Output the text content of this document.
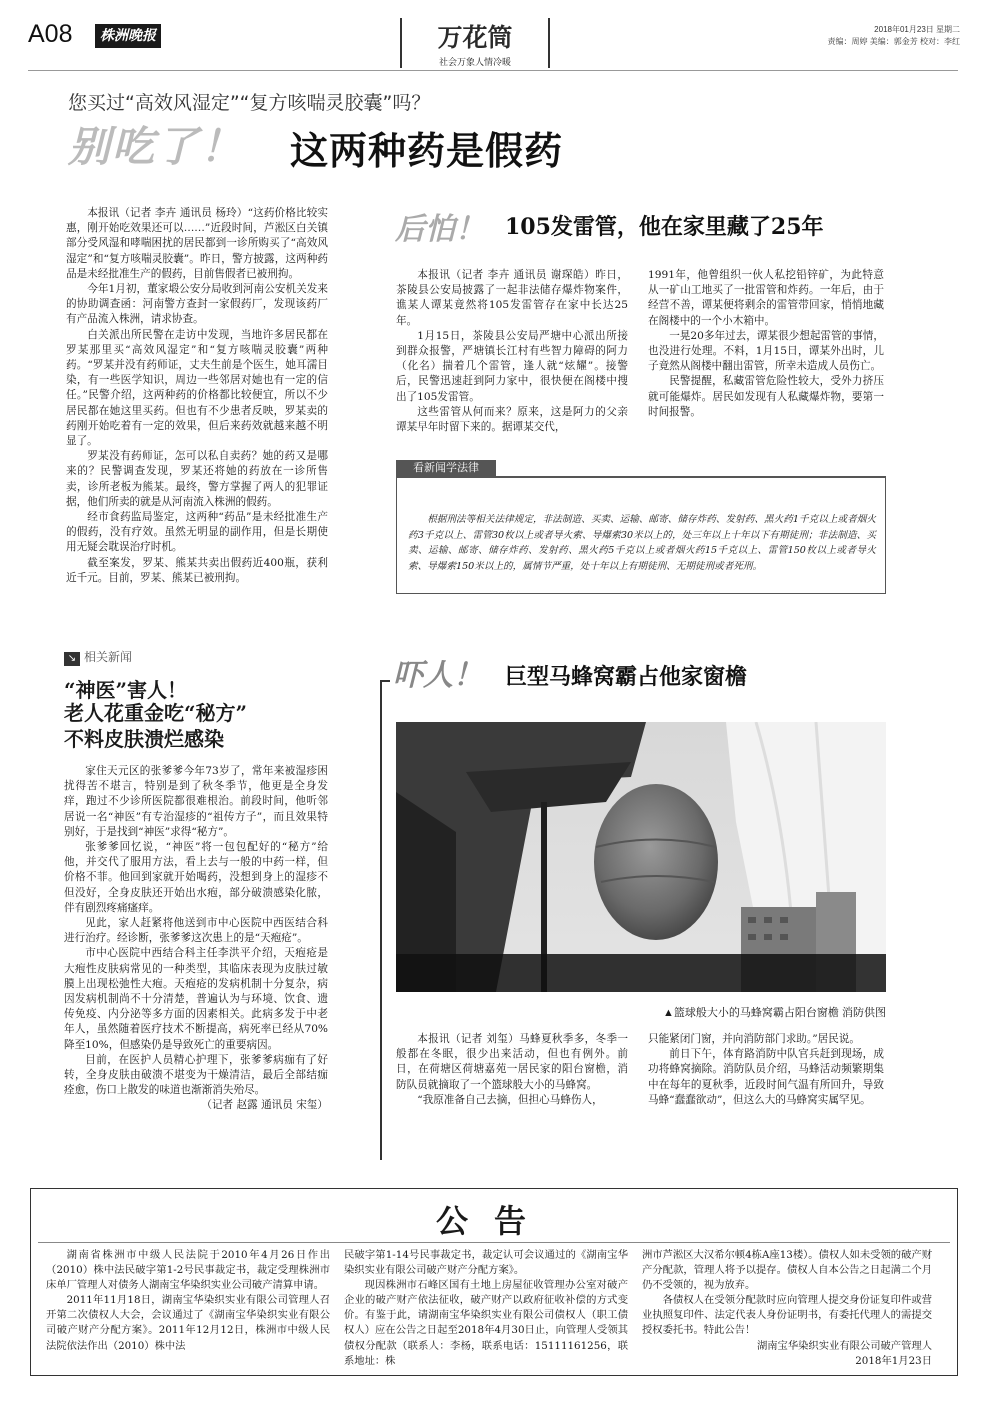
A08	株洲晚报	万花筒
社会万象人情冷暖
2018年01月23日 星期二
责编：周婷 美编：郭金芳 校对：李红
您买过“高效风湿定”“复方咳喘灵胶囊”吗？
别吃了！ 这两种药是假药

本报讯（记者 李卉 通讯员 杨玲）“这药价格比较实惠，刚开始吃效果还可以……”近段时间，芦淞区白关镇部分受风湿和哮喘困扰的居民都到一诊所购买了“高效风湿定”和“复方咳喘灵胶囊”。昨日，警方披露，这两种药品是未经批准生产的假药，目前售假者已被刑拘。

今年1月初，董家塅公安分局收到河南公安机关发来的协助调查函：河南警方查封一家假药厂，发现该药厂有产品流入株洲，请求协查。

白关派出所民警在走访中发现，当地许多居民都在罗某那里买“高效风湿定”和“复方咳喘灵胶囊”两种药。“罗某并没有药师证，丈夫生前是个医生，她耳濡目染，有一些医学知识，周边一些邻居对她也有一定的信任。”民警介绍，这两种药的价格都比较便宜，所以不少居民都在她这里买药。但也有不少患者反映，罗某卖的药刚开始吃着有一定的效果，但后来药效就越来越不明显了。

罗某没有药师证，怎可以私自卖药？她的药又是哪来的？民警调查发现，罗某还将她的药放在一诊所售卖，诊所老板为熊某。最终，警方掌握了两人的犯罪证据，他们所卖的就是从河南流入株洲的假药。

经市食药监局鉴定，这两种“药品”是未经批准生产的假药，没有疗效。虽然无明显的副作用，但是长期使用无疑会耽误治疗时机。

截至案发，罗某、熊某共卖出假药近400瓶，获利近千元。目前，罗某、熊某已被刑拘。

↘ 相关新闻
“神医”害人！
老人花重金吃“秘方”
不料皮肤溃烂感染

家住天元区的张爹爹今年73岁了，常年来被湿疹困扰得苦不堪言，特别是到了秋冬季节，他更是全身发痒，跑过不少诊所医院都很难根治。前段时间，他听邻居说一名“神医”有专治湿疹的“祖传方子”，而且效果特别好，于是找到“神医”求得“秘方”。

张爹爹回忆说，“神医”将一包包配好的“秘方”给他，并交代了服用方法，看上去与一般的中药一样，但价格不菲。他回到家就开始喝药，没想到身上的湿疹不但没好，全身皮肤还开始出水疱，部分破溃感染化脓，伴有剧烈疼痛瘙痒。

见此，家人赶紧将他送到市中心医院中西医结合科进行治疗。经诊断，张爹爹这次患上的是“天疱疮”。

市中心医院中西结合科主任李洪平介绍，天疱疮是大疱性皮肤病常见的一种类型，其临床表现为皮肤过敏膜上出现松弛性大疱。天疱疮的发病机制十分复杂，病因发病机制尚不十分清楚，普遍认为与环境、饮食、遗传免疫、内分泌等多方面的因素相关。此病多发于中老年人，虽然随着医疗技术不断提高，病死率已经从70%降至10%，但感染仍是导致死亡的重要病因。

目前，在医护人员精心护理下，张爹爹病痂有了好转，全身皮肤由破溃不堪变为干燥清洁，最后全部结痂痊愈，伤口上散发的味道也渐渐消失殆尽。

（记者 赵露 通讯员 宋玺）

后怕！ 105发雷管，他在家里藏了25年

本报讯（记者 李卉 通讯员 谢琛皓）昨日，茶陵县公安局披露了一起非法储存爆炸物案件，谯某人谭某竟然将105发雷管存在家中长达25年。

1月15日，茶陵县公安局严塘中心派出所接到群众报警，严塘镇长江村有些智力障碍的阿力（化名）揣着几个雷管，逢人就“炫耀”。接警后，民警迅速赶到阿力家中，很快便在阁楼中搜出了105发雷管。

这些雷管从何而来？原来，这是阿力的父亲谭某早年时留下来的。据谭某交代，

1991年，他曾组织一伙人私挖铅锌矿，为此特意从一矿山工地买了一批雷管和炸药。一年后，由于经营不善，谭某便将剩余的雷管带回家，悄悄地藏在阁楼中的一个小木箱中。

一晃20多年过去，谭某很少想起雷管的事情，也没进行处理。不料，1月15日，谭某外出时，儿子竟然从阁楼中翻出雷管，所幸未造成人员伤亡。

民警提醒，私藏雷管危险性较大，受外力挤压就可能爆炸。居民如发现有人私藏爆炸物，要第一时间报警。

看新闻学法律

根据刑法等相关法律规定，非法制造、买卖、运输、邮寄、储存炸药、发射药、黑火药1千克以上或者烟火药3千克以上、雷管30枚以上或者导火索、导爆索30米以上的，处三年以上十年以下有期徒刑；非法制造、买卖、运输、邮寄、储存炸药、发射药、黑火药5千克以上或者烟火药15千克以上、雷管150枚以上或者导火索、导爆索150米以上的，属情节严重，处十年以上有期徒刑、无期徒刑或者死刑。

吓人！ 巨型马蜂窝霸占他家窗檐
▲篮球般大小的马蜂窝霸占阳台窗檐 消防供图

本报讯（记者 刘玺）马蜂夏秋季多，冬季一般都在冬眠，很少出来活动，但也有例外。前日，在荷塘区荷塘嘉苑一居民家的阳台窗檐，消防队员就摘取了一个篮球般大小的马蜂窝。

“我原准备自己去摘，但担心马蜂伤人，

只能紧闭门窗，并向消防部门求助。”居民说。

前日下午，体育路消防中队官兵赶到现场，成功将蜂窝摘除。消防队员介绍，马蜂活动频繁期集中在每年的夏秋季，近段时间气温有所回升，导致马蜂“蠢蠢欲动”，但这么大的马蜂窝实属罕见。

公告

湖南省株洲市中级人民法院于2010年4月26日作出（2010）株中法民破字第1-2号民事裁定书，裁定受理株洲市床单厂管理人对债务人湖南宝华染织实业公司破产清算申请。

2011年11月18日，湖南宝华染织实业有限公司管理人召开第二次债权人大会，会议通过了《湖南宝华染织实业有限公司破产财产分配方案》。2011年12月12日，株洲市中级人民法院依法作出（2010）株中法

民破字第1-14号民事裁定书，裁定认可会议通过的《湖南宝华染织实业有限公司破产财产分配方案》。

现因株洲市石峰区国有土地上房屋征收管理办公室对破产企业的破产财产依法征收，破产财产以政府征收补偿的方式变价。有鉴于此，请湖南宝华染织实业有限公司债权人（职工债权人）应在公告之日起至2018年4月30日止，向管理人受领其债权分配款（联系人：李杨，联系电话：15111161256，联系地址：株

洲市芦淞区大汉希尔顿4栋A座13楼）。债权人如未受领的破产财产分配款，管理人将予以提存。债权人自本公告之日起满二个月仍不受领的，视为放弃。

各债权人在受领分配款时应向管理人提交身份证复印件或营业执照复印件、法定代表人身份证明书，有委托代理人的需提交授权委托书。特此公告！

湖南宝华染织实业有限公司破产管理人

2018年1月23日
